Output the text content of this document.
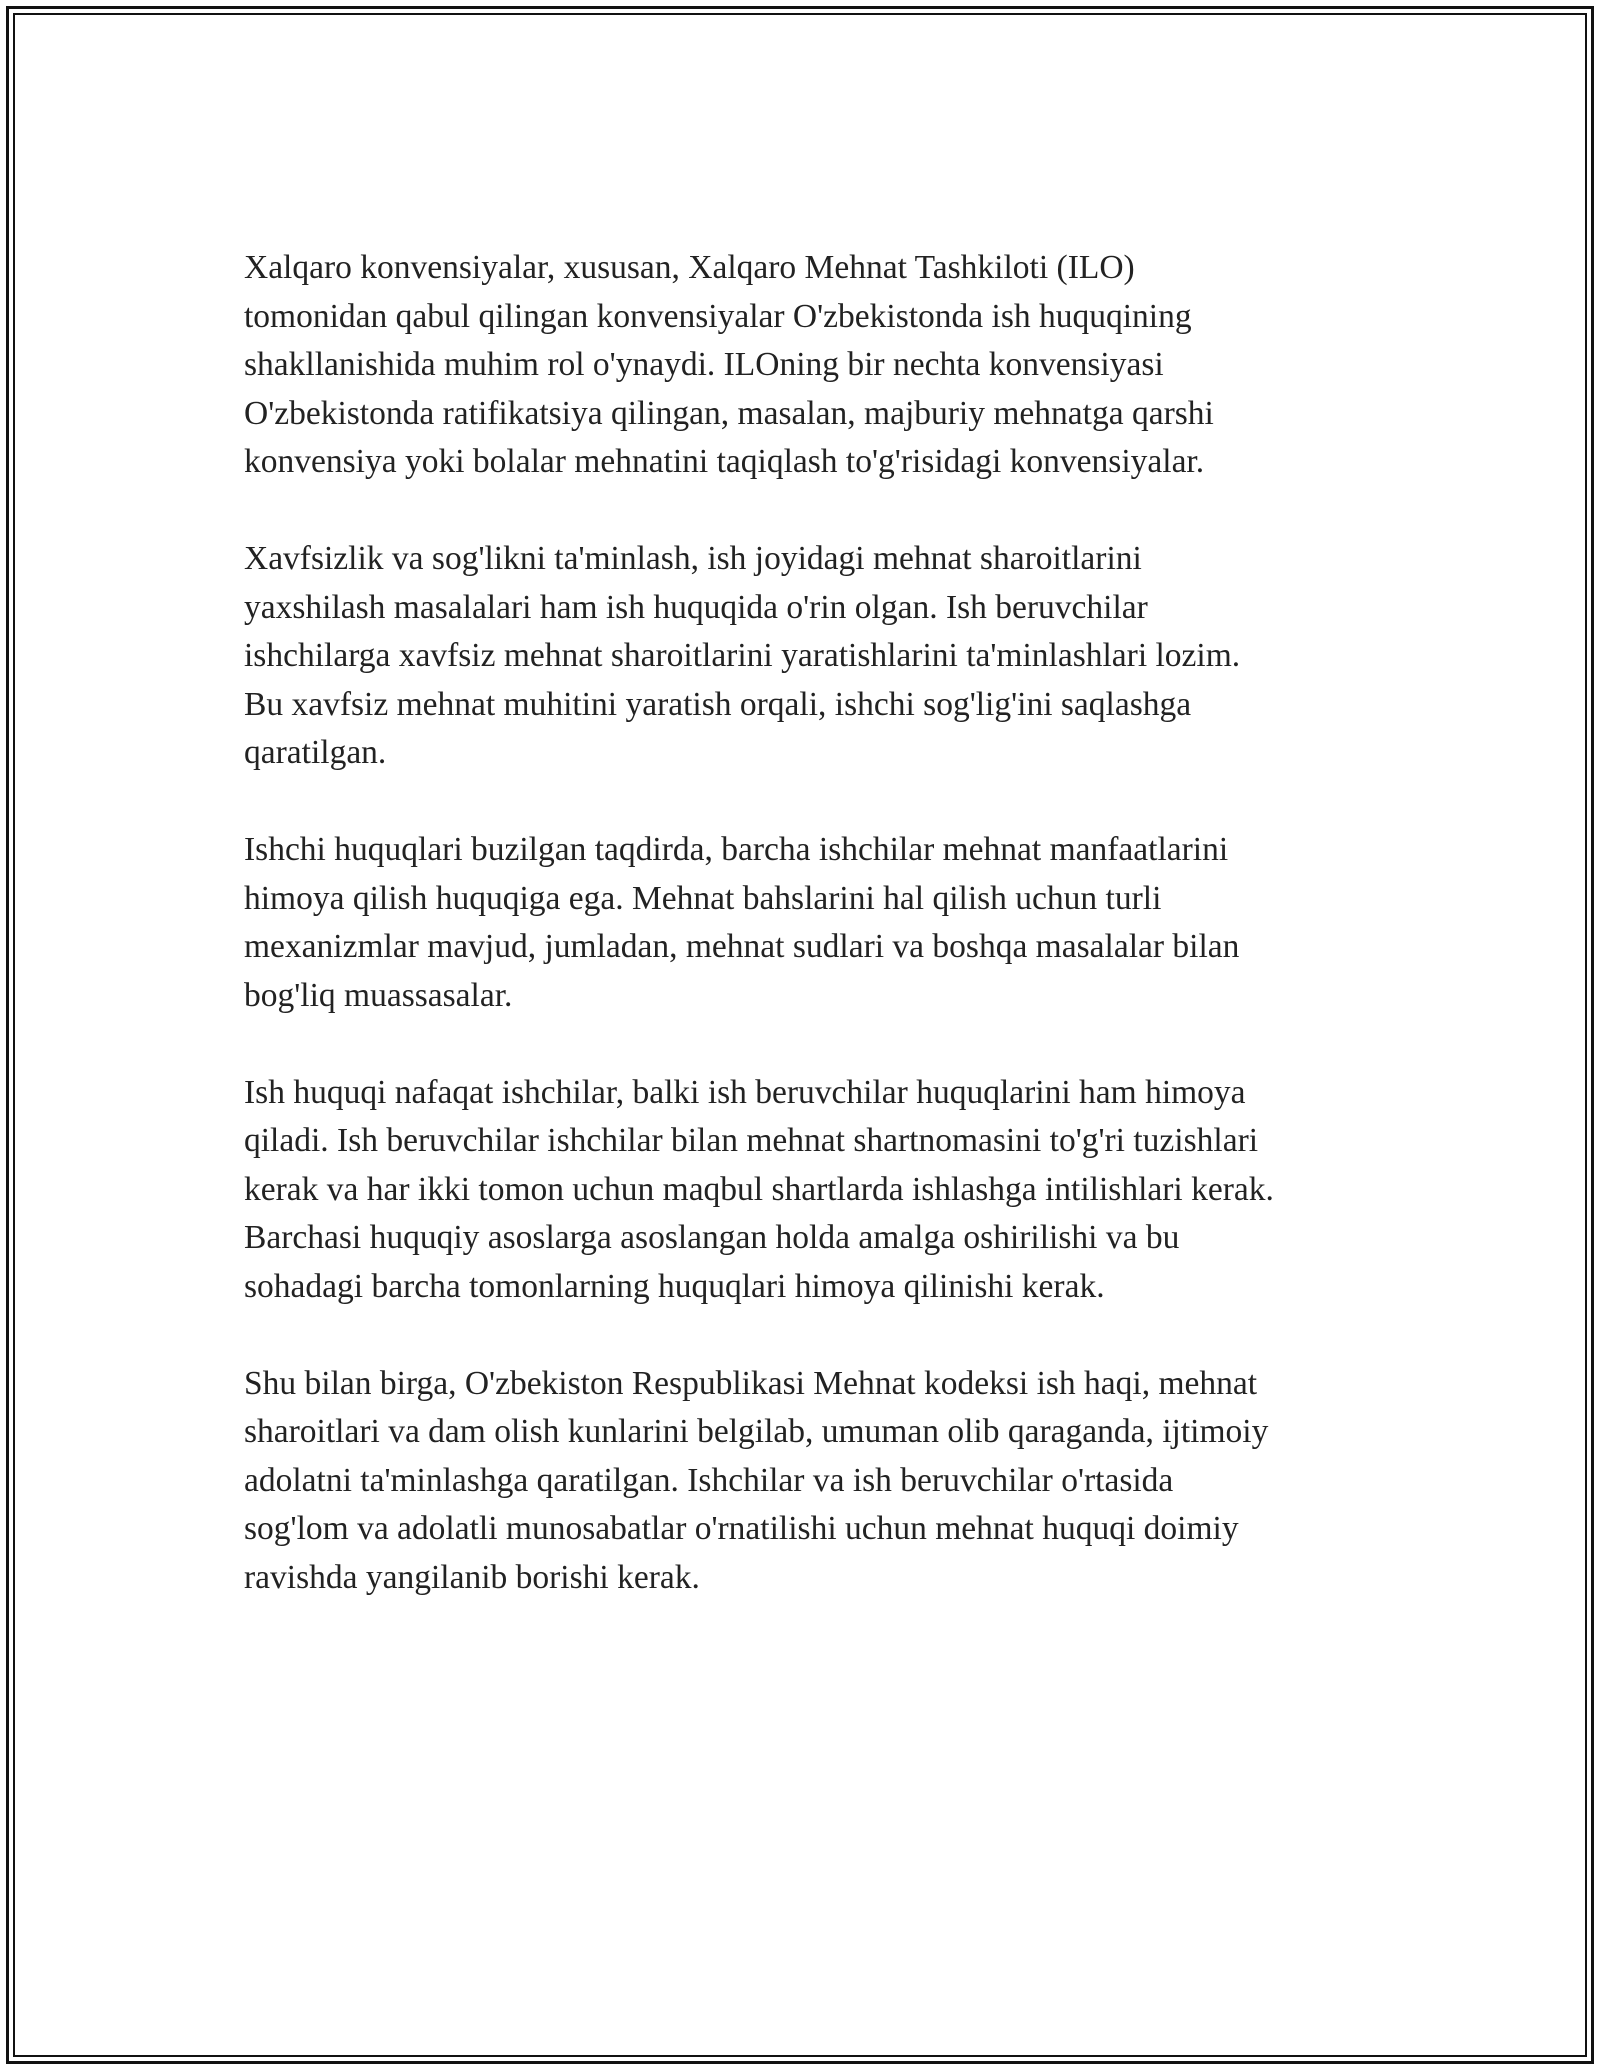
Xalqaro konvensiyalar, xususan, Xalqaro Mehnat Tashkiloti (ILO)
tomonidan qabul qilingan konvensiyalar O'zbekistonda ish huquqining
shakllanishida muhim rol o'ynaydi. ILOning bir nechta konvensiyasi
O'zbekistonda ratifikatsiya qilingan, masalan, majburiy mehnatga qarshi
konvensiya yoki bolalar mehnatini taqiqlash to'g'risidagi konvensiyalar.

Xavfsizlik va sog'likni ta'minlash, ish joyidagi mehnat sharoitlarini
yaxshilash masalalari ham ish huquqida o'rin olgan. Ish beruvchilar
ishchilarga xavfsiz mehnat sharoitlarini yaratishlarini ta'minlashlari lozim.
Bu xavfsiz mehnat muhitini yaratish orqali, ishchi sog'lig'ini saqlashga
qaratilgan.

Ishchi huquqlari buzilgan taqdirda, barcha ishchilar mehnat manfaatlarini
himoya qilish huquqiga ega. Mehnat bahslarini hal qilish uchun turli
mexanizmlar mavjud, jumladan, mehnat sudlari va boshqa masalalar bilan
bog'liq muassasalar.

Ish huquqi nafaqat ishchilar, balki ish beruvchilar huquqlarini ham himoya
qiladi. Ish beruvchilar ishchilar bilan mehnat shartnomasini to'g'ri tuzishlari
kerak va har ikki tomon uchun maqbul shartlarda ishlashga intilishlari kerak.
Barchasi huquqiy asoslarga asoslangan holda amalga oshirilishi va bu
sohadagi barcha tomonlarning huquqlari himoya qilinishi kerak.

Shu bilan birga, O'zbekiston Respublikasi Mehnat kodeksi ish haqi, mehnat
sharoitlari va dam olish kunlarini belgilab, umuman olib qaraganda, ijtimoiy
adolatni ta'minlashga qaratilgan. Ishchilar va ish beruvchilar o'rtasida
sog'lom va adolatli munosabatlar o'rnatilishi uchun mehnat huquqi doimiy
ravishda yangilanib borishi kerak.
